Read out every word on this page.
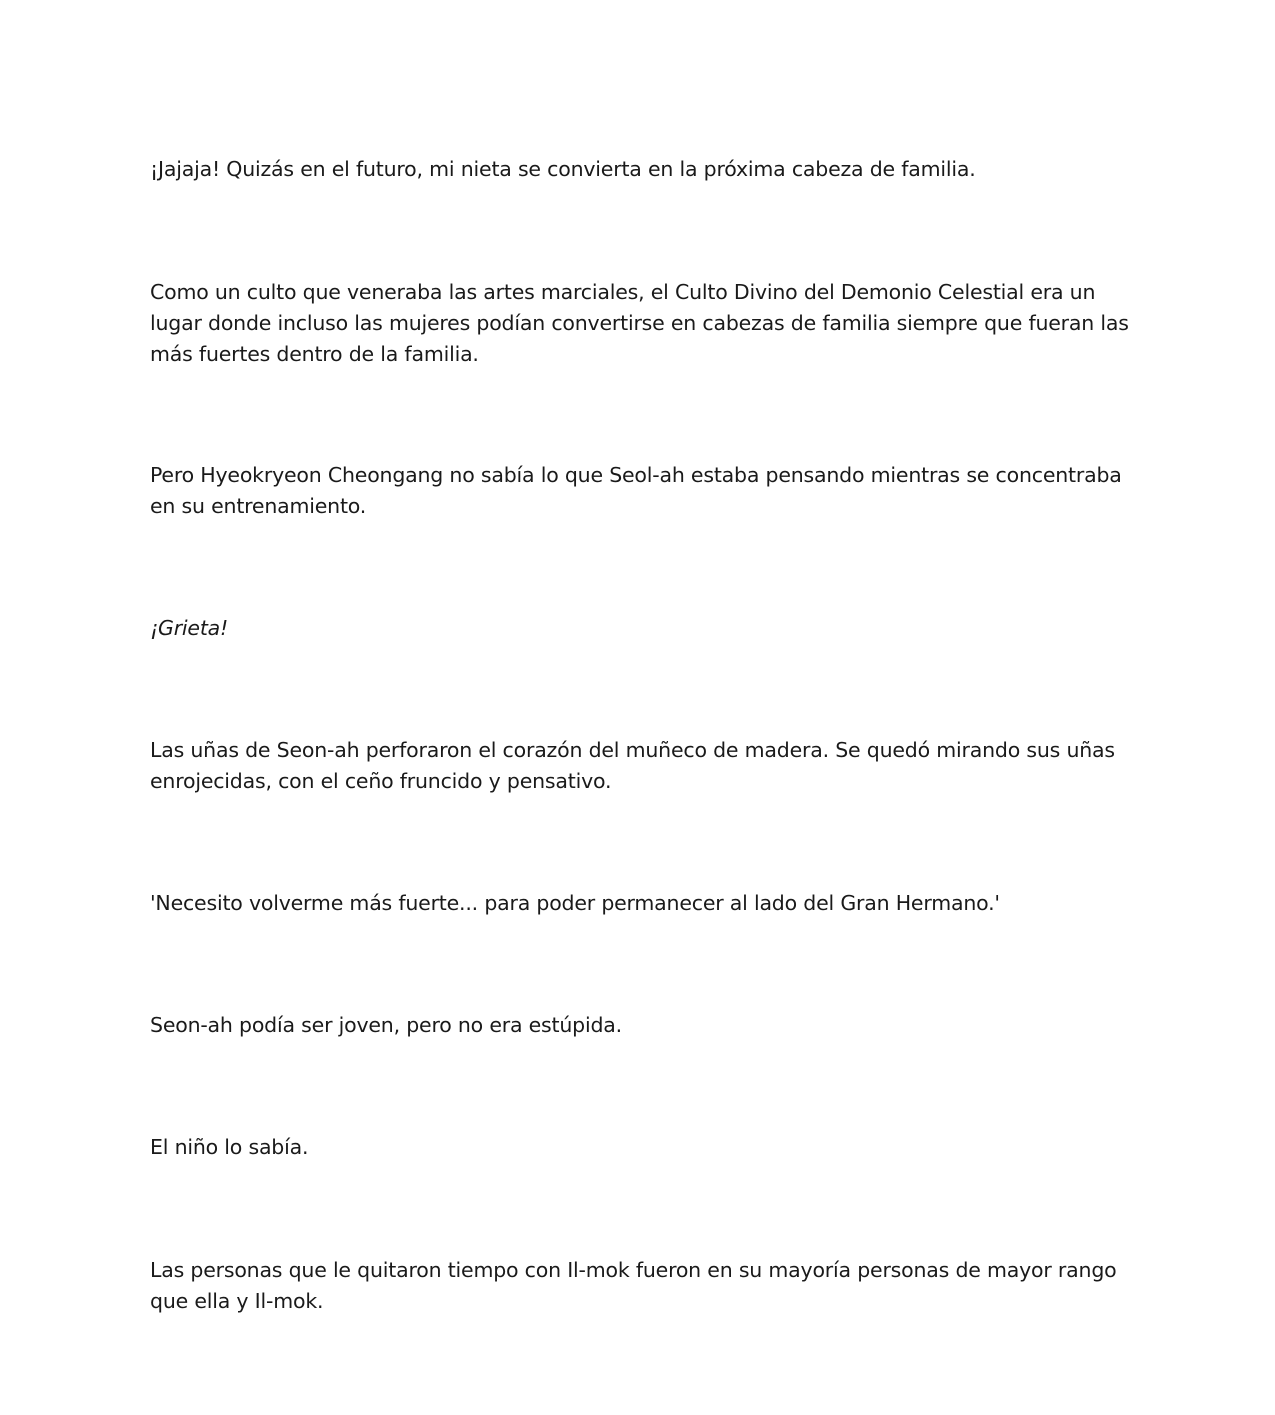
¡Jajaja! Quizás en el futuro, mi nieta se convierta en la próxima cabeza de familia.

Como un culto que veneraba las artes marciales, el Culto Divino del Demonio Celestial era un lugar donde incluso las mujeres podían convertirse en cabezas de familia siempre que fueran las más fuertes dentro de la familia.

Pero Hyeokryeon Cheongang no sabía lo que Seol-ah estaba pensando mientras se concentraba en su entrenamiento.

¡Grieta!

Las uñas de Seon-ah perforaron el corazón del muñeco de madera. Se quedó mirando sus uñas enrojecidas, con el ceño fruncido y pensativo.

'Necesito volverme más fuerte... para poder permanecer al lado del Gran Hermano.'

Seon-ah podía ser joven, pero no era estúpida.

El niño lo sabía.

Las personas que le quitaron tiempo con Il-mok fueron en su mayoría personas de mayor rango que ella y Il-mok.
